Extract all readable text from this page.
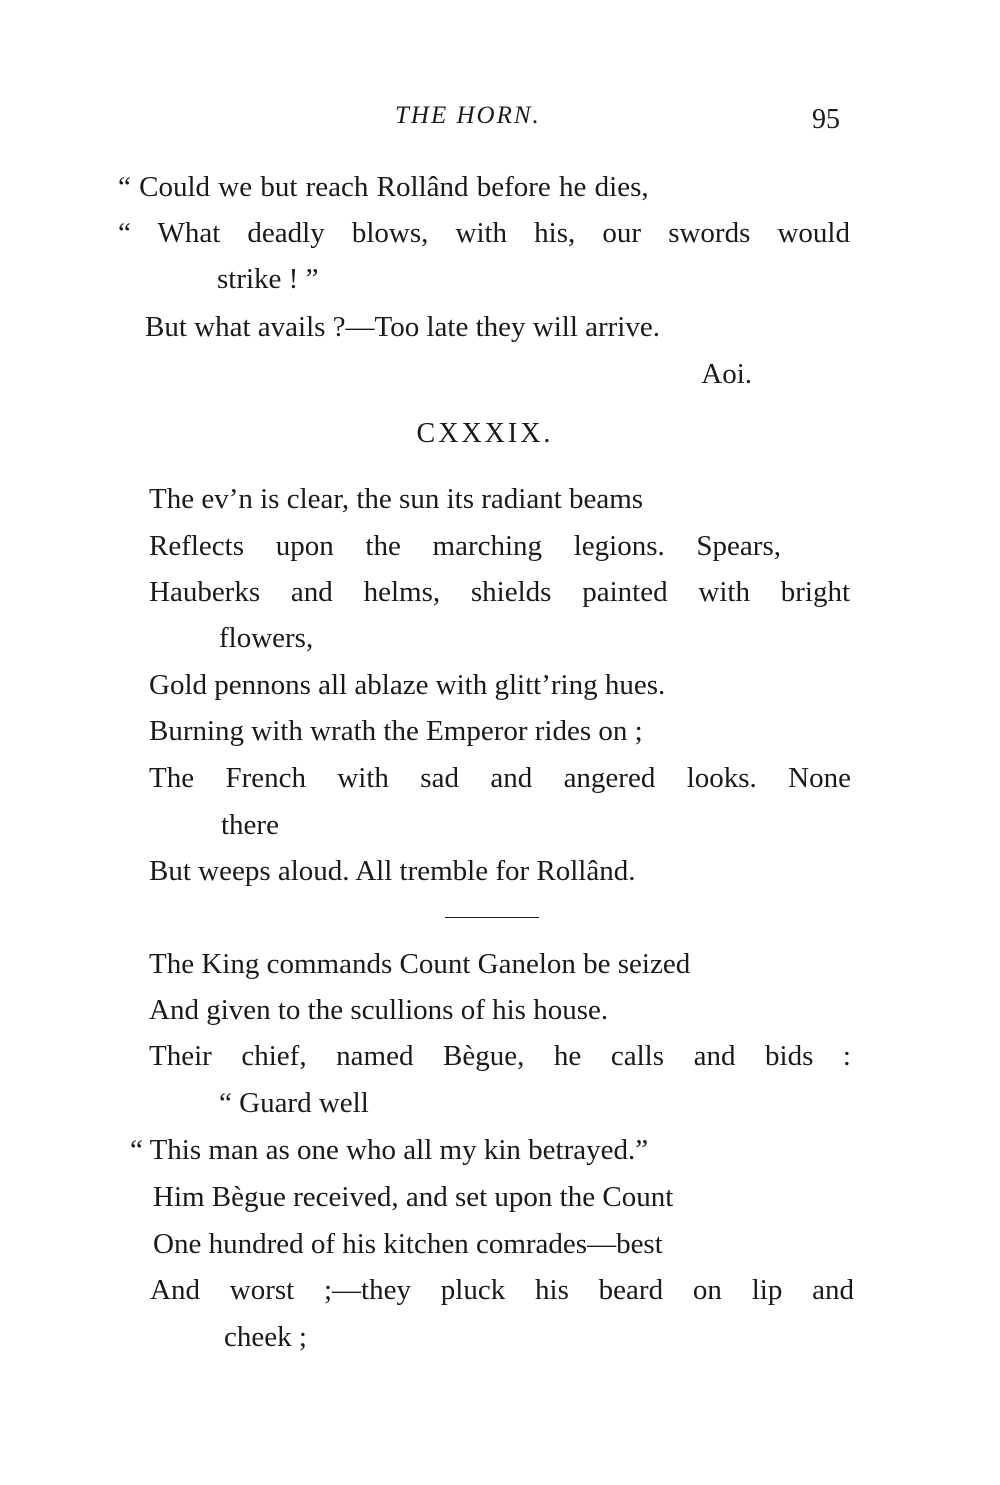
THE HORN.	95
“ Could we but reach Rollând before he dies,
“ What deadly blows, with his, our swords would
strike ! ”
But what avails ?—Too late they will arrive.
Aoi.
CXXXIX.
The ev’n is clear, the sun its radiant beams
Reflects upon the marching legions. Spears,
Hauberks and helms, shields painted with bright
flowers,
Gold pennons all ablaze with glitt’ring hues.
Burning with wrath the Emperor rides on ;
The French with sad and angered looks. None
there
But weeps aloud. All tremble for Rollând.
The King commands Count Ganelon be seized
And given to the scullions of his house.
Their chief, named Bègue, he calls and bids :
“ Guard well
“ This man as one who all my kin betrayed.”
Him Bègue received, and set upon the Count
One hundred of his kitchen comrades—best
And worst ;—they pluck his beard on lip and
cheek ;
